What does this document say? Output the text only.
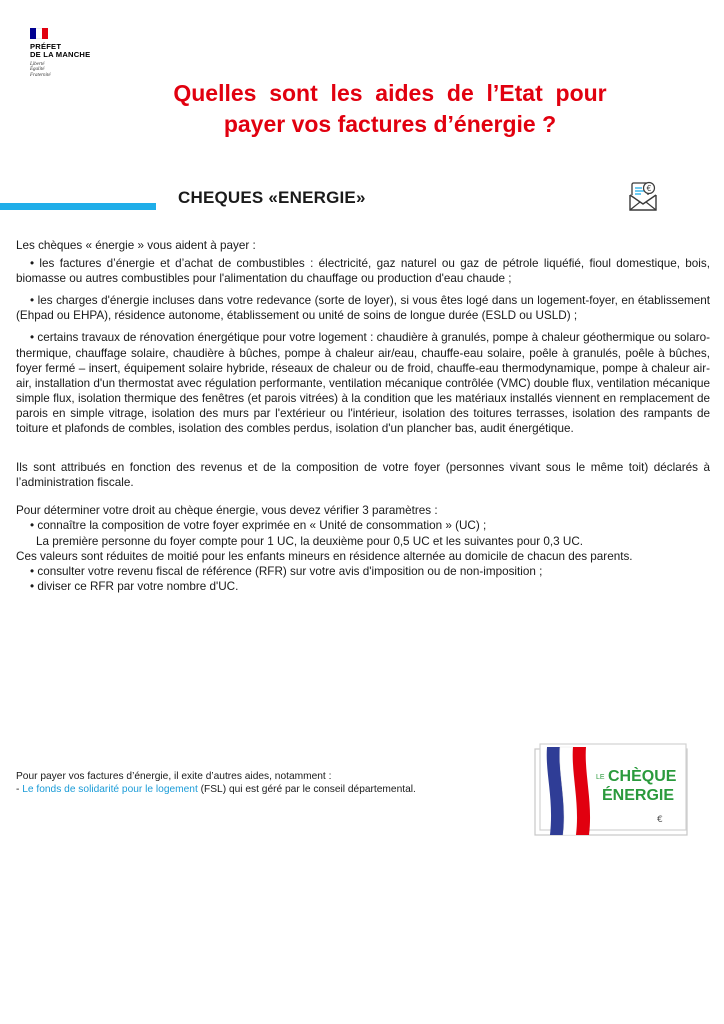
PRÉFET
DE LA MANCHE
Liberté
Égalité
Fraternité
Quelles  sont  les  aides  de  l’Etat  pour
payer vos factures d’énergie ?
CHEQUES «ENERGIE»	€

Les chèques « énergie » vous aident à payer :

• les factures d’énergie et d’achat de combustibles : électricité, gaz naturel ou gaz de pétrole liquéfié, fioul domestique, bois, biomasse ou autres combustibles pour l'alimentation du chauffage ou production d'eau chaude ;

• les charges d'énergie incluses dans votre redevance (sorte de loyer), si vous êtes logé dans un logement-foyer, en établissement (Ehpad ou EHPA), résidence autonome, établissement ou unité de soins de longue durée (ESLD ou USLD) ;

• certains travaux de rénovation énergétique pour votre logement : chaudière à granulés, pompe à chaleur géothermique ou solaro-thermique, chauffage solaire, chaudière à bûches, pompe à chaleur air/eau, chauffe-eau solaire, poêle à granulés, poêle à bûches, foyer fermé – insert, équipement solaire hybride, réseaux de chaleur ou de froid, chauffe-eau thermodynamique, pompe à chaleur air-air, installation d'un thermostat avec régulation performante, ventilation mécanique contrôlée (VMC) double flux, ventilation mécanique simple flux, isolation thermique des fenêtres (et parois vitrées) à la condition que les matériaux installés viennent en remplacement de parois en simple vitrage, isolation des murs par l'extérieur ou l'intérieur, isolation des toitures terrasses, isolation des rampants de toiture et plafonds de combles, isolation des combles perdus, isolation d'un plancher bas, audit énergétique.

Ils sont attribués en fonction des revenus et de la composition de votre foyer (personnes vivant sous le même toit) déclarés à l’administration fiscale.

Pour déterminer votre droit au chèque énergie, vous devez vérifier 3 paramètres :

• connaître la composition de votre foyer exprimée en « Unité de consommation » (UC) ;

La première personne du foyer compte pour 1 UC, la deuxième pour 0,5 UC et les suivantes pour 0,3 UC.

Ces valeurs sont réduites de moitié pour les enfants mineurs en résidence alternée au domicile de chacun des parents.

• consulter votre revenu fiscal de référence (RFR) sur votre avis d'imposition ou de non-imposition ;

• diviser ce RFR par votre nombre d'UC.

Pour payer vos factures d’énergie, il exite d’autres aides, notamment :

- Le fonds de solidarité pour le logement (FSL) qui est géré par le conseil départemental.

LE CHÈQUE
ÉNERGIE
€
